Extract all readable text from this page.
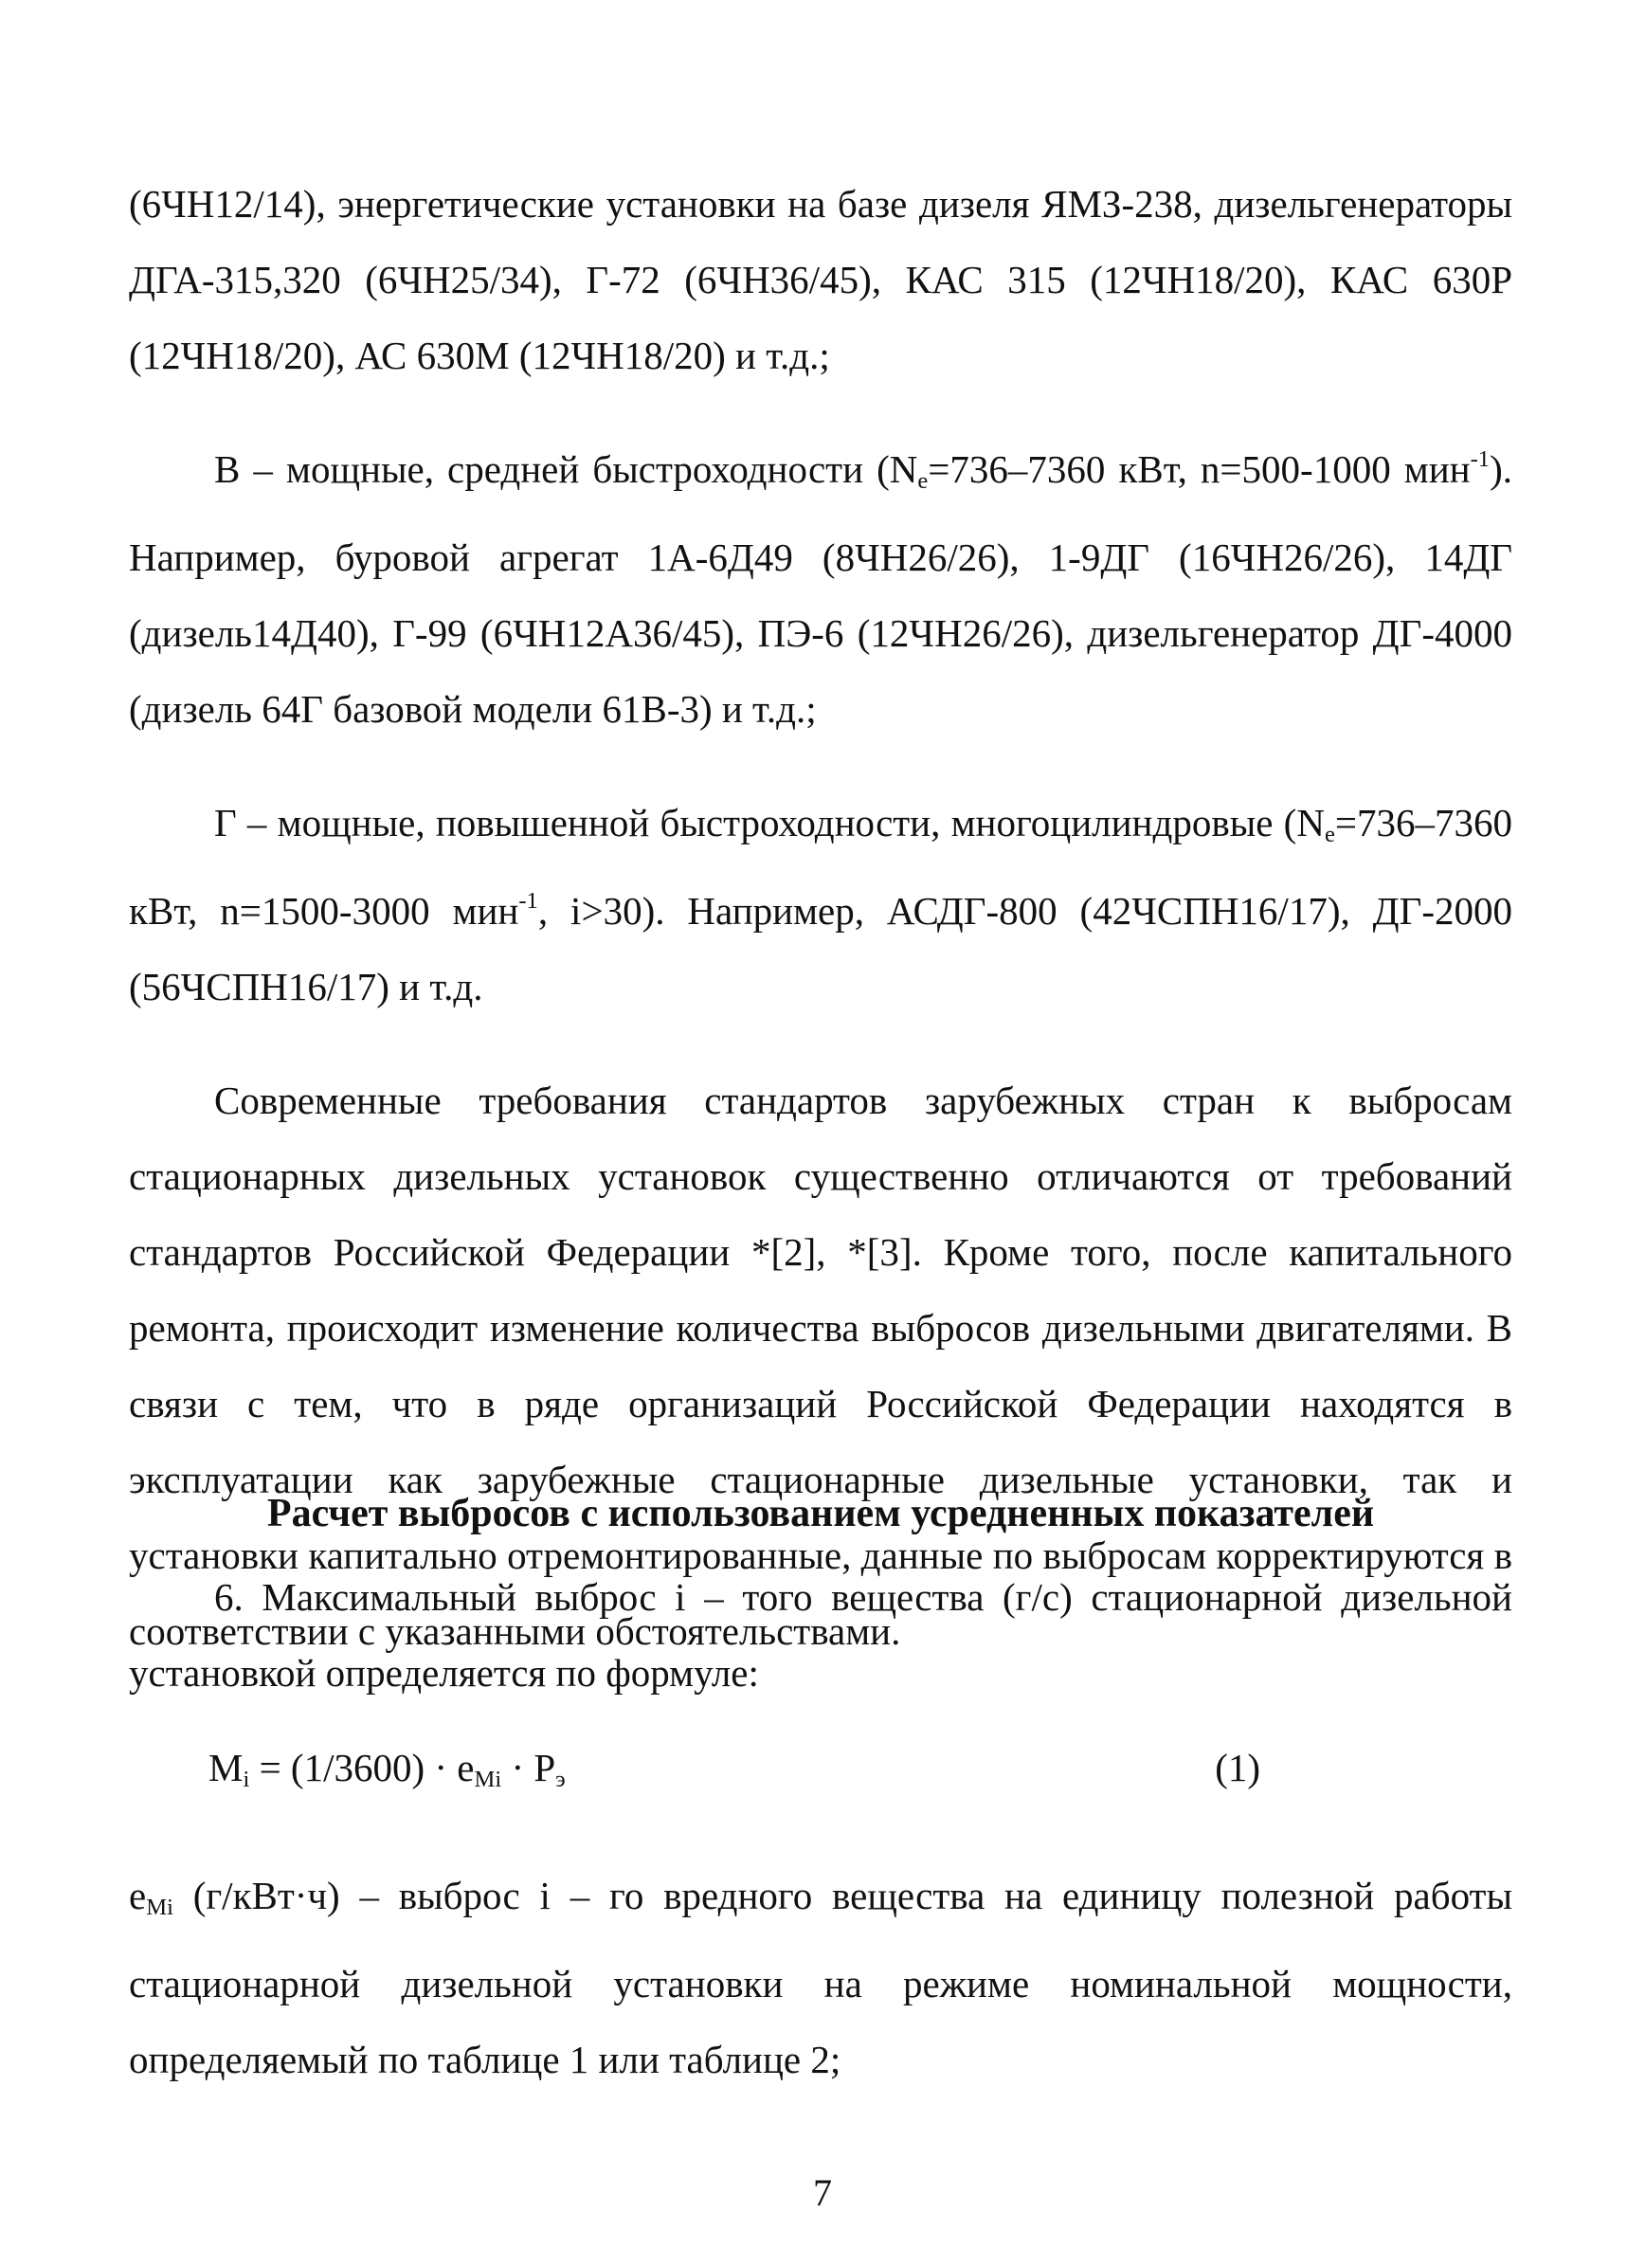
(6ЧН12/14), энергетические установки на базе дизеля ЯМЗ-238, дизельгенераторы ДГА-315,320 (6ЧН25/34), Г-72 (6ЧН36/45), КАС 315 (12ЧН18/20), КАС 630Р (12ЧН18/20), АС 630М (12ЧН18/20) и т.д.;

В – мощные, средней быстроходности ($N_e=736-7360$ кВт, n=500-1000 мин$^{-1}$). Например, буровой агрегат 1А-6Д49 (8ЧН26/26), 1-9ДГ (16ЧН26/26), 14ДГ (дизель14Д40), Г-99 (6ЧН12А36/45), ПЭ-6 (12ЧН26/26), дизельгенератор ДГ-4000 (дизель 64Г базовой модели 61В-3) и т.д.;

Г – мощные, повышенной быстроходности, многоцилиндровые ($N_e=736-7360$ кВт, n=1500-3000 мин$^{-1}$, i>30). Например, АСДГ-800 (42ЧСПН16/17), ДГ-2000 (56ЧСПН16/17) и т.д.

Современные требования стандартов зарубежных стран к выбросам стационарных дизельных установок существенно отличаются от требований стандартов Российской Федерации *[2], *[3]. Кроме того, после капитального ремонта, происходит изменение количества выбросов дизельными двигателями. В связи с тем, что в ряде организаций Российской Федерации находятся в эксплуатации как зарубежные стационарные дизельные установки, так и установки капитально отремонтированные, данные по выбросам корректируются в соответствии с указанными обстоятельствами.

Расчет выбросов с использованием усредненных показателей

6. Максимальный выброс i – того вещества (г/с) стационарной дизельной установкой определяется по формуле:

$M_i = (1/3600) \cdot e_{Mi} \cdot P_э$	(1)

$e_{Mi}$ (г/кВт·ч) – выброс i – го вредного вещества на единицу полезной работы стационарной дизельной установки на режиме номинальной мощности, определяемый по таблице 1 или таблице 2;

7
